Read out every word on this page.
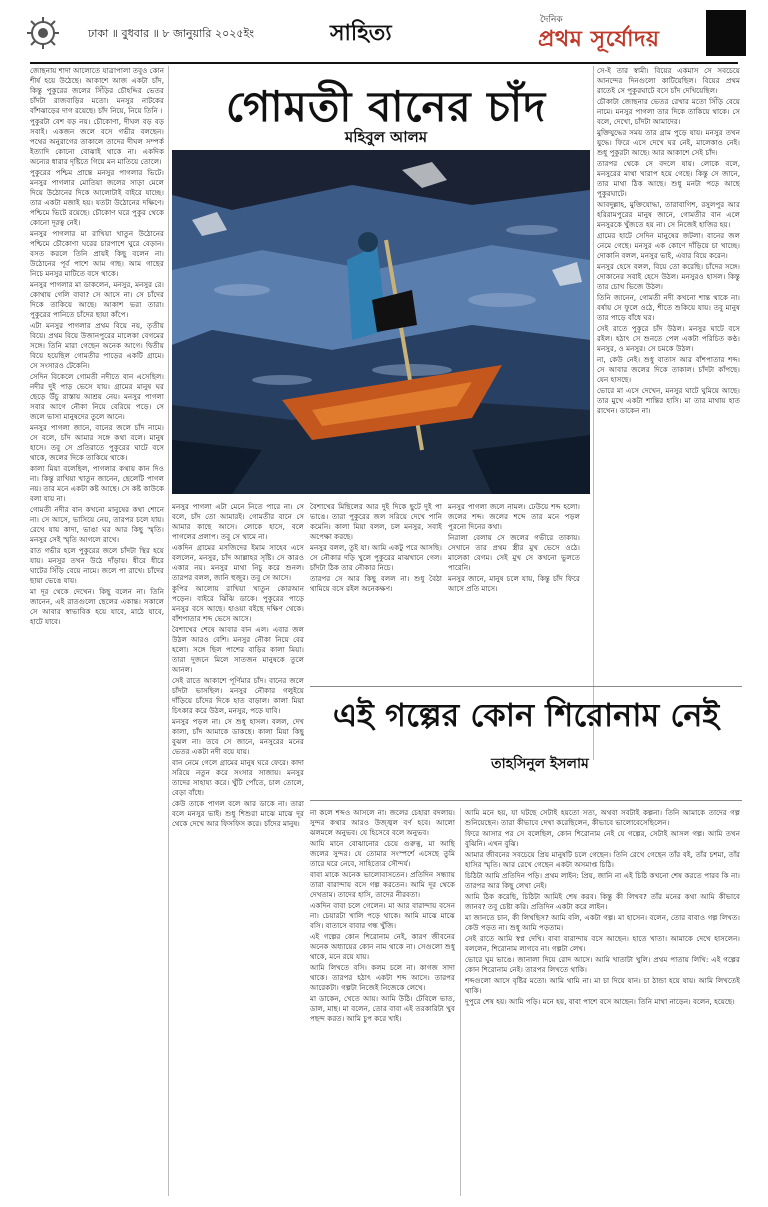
ঢাকা ॥ বুধবার ॥ ৮ জানুয়ারি ২০২৫ইং	সাহিত্য	দৈনিক
প্রথম সূর্যোদয়
গোমতী বানের চাঁদ
মহিবুল আলম

জোছনায় শাদা আলোতে যাত্রাপালা তবুও কোন শীর্ষ হয়ে উঠেছে। আকাশে আজ একটা চাঁদ, কিন্তু পুকুরের জলের সিঁড়ির চৌহদ্দির ভেতর চাঁদটা রাজবাড়ির মতো। মনসুর নাটকের বাঁশঝাড়ের দাগ রয়েছে। চাঁদ নিয়ে, নিয়ে তিনি ।

পুকুরটা বেশ বড় নয়। চৌকোণা, দীঘল বড় বড় সবাই। একজন জলে বসে গভীর বলছেন। পথের অনুরাগের তাকালে তাদের দীঘল সম্পর্ক ইত্যাদি কোনো বোঝাই থাকে না। একদিক অন্যের ধারার দৃষ্টিতে গিয়ে মন মাতিয়ে তোলে।

পুকুরের পশ্চিম প্রান্তে মনসুর পাগলার ভিটে। মনসুর পাগলার মোতিয়া জলের সাড়া মেলে দিয়ে উঠোনের দিকে আলোটাই বাইরে যাচ্ছে। তার একটা মজাই হয়। যতটা উঠোনের দক্ষিণে। পশ্চিমে ভিটে রয়েছে। চৌকোণ ঘরে পুকুর থেকে কোনো দূরত্ব নেই।

মনসুর পাগলার মা রাখিয়া খাতুন উঠোনের পশ্চিমে চৌকোণা ঘরের চারপাশে ঘুরে বেড়ান। বসত করলে তিনি প্রায়ই কিছু বলেন না। উঠোনের পূর্ব পাশে আম গাছ। আম গাছের নিচে মনসুর মাটিতে বসে থাকে।

মনসুর পাগলার মা ডাকলেন, মনসুর, মনসুর রে। কোথায় গেলি বাবা? সে আসে না। সে চাঁদের দিকে তাকিয়ে আছে। আকাশ ভরা তারা। পুকুরের পানিতে চাঁদের ছায়া কাঁপে।

এটা মনসুর পাগলার প্রথম বিয়ে নয়, তৃতীয় বিয়ে। প্রথম বিয়ে উজানপুরের মালেকা বেগমের সঙ্গে। তিনি মারা গেছেন অনেক আগে। দ্বিতীয় বিয়ে হয়েছিল গোমতীর পাড়ের একটি গ্রামে। সে সংসারও টেকেনি।

সেদিন বিকেলে গোমতী নদীতে বান এসেছিল। নদীর দুই পাড় ভেসে যায়। গ্রামের মানুষ ঘর ছেড়ে উঁচু রাস্তায় আশ্রয় নেয়। মনসুর পাগলা সবার আগে নৌকা নিয়ে বেরিয়ে পড়ে। সে জলে ভাসা মানুষদের তুলে আনে।

মনসুর পাগলা জানে, বানের জলে চাঁদ নামে। সে বলে, চাঁদ আমার সঙ্গে কথা বলে। মানুষ হাসে। তবু সে প্রতিরাতে পুকুরের ঘাটে বসে থাকে, জলের দিকে তাকিয়ে থাকে।

কালা মিয়া বলেছিল, পাগলার কথায় কান দিও না। কিন্তু রাখিয়া খাতুন জানেন, ছেলেটি পাগল নয়। তার মনে একটা কষ্ট আছে। সে কষ্ট কাউকে বলা যায় না।

গোমতী নদীর বান কখনো মানুষের কথা শোনে না। সে আসে, ভাসিয়ে নেয়, তারপর চলে যায়। রেখে যায় কাদা, ভাঙা ঘর আর কিছু স্মৃতি। মনসুর সেই স্মৃতি আগলে রাখে।

রাত গভীর হলে পুকুরের জলে চাঁদটা স্থির হয়ে যায়। মনসুর তখন উঠে দাঁড়ায়। ধীরে ধীরে ঘাটের সিঁড়ি বেয়ে নামে। জলে পা রাখে। চাঁদের ছায়া ভেঙে যায়।

মা দূর থেকে দেখেন। কিছু বলেন না। তিনি জানেন, এই রাতগুলো ছেলের একান্ত। সকালে সে আবার স্বাভাবিক হয়ে যাবে, মাঠে যাবে, হাটে যাবে।

মনসুর পাগলা এটা মেনে নিতে পারে না। সে বলে, চাঁদ তো আমারই। গোমতীর বানে সে আমার কাছে আসে। লোকে হাসে, বলে পাগলের প্রলাপ। তবু সে থামে না।

একদিন গ্রামের মসজিদের ইমাম সাহেব এসে বললেন, মনসুর, চাঁদ আল্লাহর সৃষ্টি। সে কারও একার নয়। মনসুর মাথা নিচু করে শুনল। তারপর বলল, জানি হুজুর। তবু সে আসে।

কুপির আলোয় রাখিয়া খাতুন কোরআন পড়েন। বাইরে ঝিঁঝি ডাকে। পুকুরের পাড়ে মনসুর বসে আছে। হাওয়া বইছে দক্ষিণ থেকে। বাঁশপাতার শব্দ ভেসে আসে।

বৈশাখের শেষে আবার বান এল। এবার জল উঠল আরও বেশি। মনসুর নৌকা নিয়ে বের হলো। সঙ্গে ছিল পাশের বাড়ির কালা মিয়া। তারা দুজনে মিলে সাতজন মানুষকে তুলে আনল।

সেই রাতে আকাশে পূর্ণিমার চাঁদ। বানের জলে চাঁদটা ভাসছিল। মনসুর নৌকার গলুইয়ে দাঁড়িয়ে চাঁদের দিকে হাত বাড়াল। কালা মিয়া চিৎকার করে উঠল, মনসুর, পড়ে যাবি।

মনসুর পড়ল না। সে শুধু হাসল। বলল, দেখ কালা, চাঁদ আমাকে ডাকছে। কালা মিয়া কিছু বুঝল না। তবে সে জানে, মনসুরের মনের ভেতর একটা নদী বয়ে যায়।

বান নেমে গেলে গ্রামের মানুষ ঘরে ফেরে। কাদা সরিয়ে নতুন করে সংসার সাজায়। মনসুর তাদের সাহায্য করে। খুঁটি পোঁতে, চাল তোলে, বেড়া বাঁধে।

কেউ তাকে পাগল বলে আর ডাকে না। তারা বলে মনসুর ভাই। শুধু শিশুরা মাঝে মাঝে দূর থেকে দেখে আর ফিসফিস করে। চাঁদের মানুষ।

বৈশাখের মিছিলের আর দুই দিকে ছুটে দুই পা ভাঙে। তারা পুকুরের জল সরিয়ে দেখে পানি কমেনি। কালা মিয়া বলল, চল মনসুর, সবাই অপেক্ষা করছে।

মনসুর বলল, তুই যা। আমি একটু পরে আসছি। সে নৌকার দড়ি খুলে পুকুরের মাঝখানে গেল। চাঁদটা ঠিক তার নৌকার নিচে।

তারপর সে আর কিছু বলল না। শুধু বৈঠা থামিয়ে বসে রইল অনেকক্ষণ।

মনসুর পাগলা জলে নামল। ঢেউয়ে শব্দ হলো। জলের শব্দ। জলের শব্দে তার মনে পড়ল পুরনো দিনের কথা।

নিরালা বেলায় সে জলের গভীরে তাকায়। সেখানে তার প্রথম স্ত্রীর মুখ ভেসে ওঠে। মালেকা বেগম। সেই মুখ সে কখনো ভুলতে পারেনি।

মনসুর জানে, মানুষ চলে যায়, কিন্তু চাঁদ ফিরে আসে প্রতি মাসে।

সে-ই তার স্বামী। বিয়ের একমাস সে সবচেয়ে আনন্দের দিনগুলো কাটিয়েছিল। বিয়ের প্রথম রাতেই সে পুকুরঘাটে বসে চাঁদ দেখিয়েছিল।

চৌকাটা জোছনার ভেতর রেখার মতো সিঁড়ি বেয়ে নামে। মনসুর পাগলা তার দিকে তাকিয়ে থাকে। সে বলে, দেখো, চাঁদটা আমাদের।

মুক্তিযুদ্ধের সময় তার গ্রাম পুড়ে যায়। মনসুর তখন যুদ্ধে। ফিরে এসে দেখে ঘর নেই, মালেকাও নেই। শুধু পুকুরটা আছে। আর আকাশে সেই চাঁদ।

তারপর থেকে সে বদলে যায়। লোকে বলে, মনসুরের মাথা খারাপ হয়ে গেছে। কিন্তু সে জানে, তার মাথা ঠিক আছে। শুধু মনটা পড়ে আছে পুকুরঘাটে।

আবদুল্লাহ, মুক্তিযোদ্ধা, তারাবাগিশ, রসুলপুর আর হরিরামপুরের মানুষ জানে, গোমতীর বান এলে মনসুরকে খুঁজতে হয় না। সে নিজেই হাজির হয়।

গ্রামের হাটে সেদিন মানুষের জটলা। বানের জল নেমে গেছে। মনসুর এক কোণে দাঁড়িয়ে চা খাচ্ছে। দোকানি বলল, মনসুর ভাই, এবার বিয়ে করেন।

মনসুর হেসে বলল, বিয়ে তো করেছি। চাঁদের সঙ্গে। দোকানের সবাই হেসে উঠল। মনসুরও হাসল। কিন্তু তার চোখ ভিজে উঠল।

তিনি জানেন, গোমতী নদী কখনো শান্ত থাকে না। বর্ষায় সে ফুলে ওঠে, শীতে শুকিয়ে যায়। তবু মানুষ তার পাড়ে বাঁধে ঘর।

সেই রাতে পুকুরে চাঁদ উঠল। মনসুর ঘাটে বসে রইল। হঠাৎ সে শুনতে পেল একটা পরিচিত কণ্ঠ। মনসুর, ও মনসুর। সে চমকে উঠল।

না, কেউ নেই। শুধু বাতাস আর বাঁশপাতার শব্দ। সে আবার জলের দিকে তাকাল। চাঁদটা কাঁপছে। যেন হাসছে।

ভোরে মা এসে দেখেন, মনসুর ঘাটে ঘুমিয়ে আছে। তার মুখে একটা শান্তির হাসি। মা তার মাথায় হাত রাখেন। ডাকেন না।

এই গল্পের কোন শিরোনাম নেই
তাহসিনুল ইসলাম

না কলে শব্দও আসলে না। জলের চেহারা বদলায়। সুন্দর কথার আরও উজ্জ্বল বর্ণ হবে। আলো ঝলমলে অনুভব। যে হিসেবে বলে অনুভব।

আমি মানে বোঝানোর চেয়ে গুরুত্ব, মা আছি জলের সুন্দর। যে তোমার সংস্পর্শে এসেছে তুমি তারে ঘরে নেবে, সাহিত্যের সৌন্দর্য।

বাবা মাকে অনেক ভালোবাসতেন। প্রতিদিন সন্ধ্যায় তারা বারান্দায় বসে গল্প করতেন। আমি দূর থেকে দেখতাম। তাদের হাসি, তাদের নীরবতা।

একদিন বাবা চলে গেলেন। মা আর বারান্দায় বসেন না। চেয়ারটা খালি পড়ে থাকে। আমি মাঝে মাঝে বসি। বাতাসে বাবার গন্ধ খুঁজি।

এই গল্পের কোন শিরোনাম নেই, কারণ জীবনের অনেক অধ্যায়ের কোন নাম থাকে না। সেগুলো শুধু থাকে, মনে রয়ে যায়।

আমি লিখতে বসি। কলম চলে না। কাগজ সাদা থাকে। তারপর হঠাৎ একটা শব্দ আসে। তারপর আরেকটা। গল্পটা নিজেই নিজেকে লেখে।

মা ডাকেন, খেতে আয়। আমি উঠি। টেবিলে ভাত, ডাল, মাছ। মা বলেন, তোর বাবা এই তরকারিটা খুব পছন্দ করত। আমি চুপ করে খাই।

আমি মনে হয়, যা ঘটছে সেটাই হয়তো সত্য, অথবা সবটাই কল্পনা। তিনি আমাকে তাদের গল্প শুনিয়েছেন। তারা কীভাবে দেখা করেছিলেন, কীভাবে ভালোবেসেছিলেন।

ফিরে আসার পর সে বলেছিল, কোন শিরোনাম নেই যে গল্পের, সেটাই আসল গল্প। আমি তখন বুঝিনি। এখন বুঝি।

আমার জীবনের সবচেয়ে প্রিয় মানুষটি চলে গেছেন। তিনি রেখে গেছেন তাঁর বই, তাঁর চশমা, তাঁর হাসির স্মৃতি। আর রেখে গেছেন একটা অসমাপ্ত চিঠি।

চিঠিটা আমি প্রতিদিন পড়ি। প্রথম লাইন: প্রিয়, জানি না এই চিঠি কখনো শেষ করতে পারব কি না। তারপর আর কিছু লেখা নেই।

আমি ঠিক করেছি, চিঠিটা আমিই শেষ করব। কিন্তু কী লিখব? তাঁর মনের কথা আমি কীভাবে জানব? তবু চেষ্টা করি। প্রতিদিন একটা করে লাইন।

মা জানতে চান, কী লিখছিস? আমি বলি, একটা গল্প। মা হাসেন। বলেন, তোর বাবাও গল্প লিখত। কেউ পড়ত না। শুধু আমি পড়তাম।

সেই রাতে আমি স্বপ্ন দেখি। বাবা বারান্দায় বসে আছেন। হাতে খাতা। আমাকে দেখে হাসলেন। বললেন, শিরোনাম লাগবে না। গল্পটা লেখ।

ভোরে ঘুম ভাঙে। জানালা দিয়ে রোদ আসে। আমি খাতাটা খুলি। প্রথম পাতায় লিখি: এই গল্পের কোন শিরোনাম নেই। তারপর লিখতে থাকি।

শব্দগুলো আসে বৃষ্টির মতো। আমি থামি না। মা চা দিয়ে যান। চা ঠান্ডা হয়ে যায়। আমি লিখতেই থাকি।

দুপুরে শেষ হয়। আমি পড়ি। মনে হয়, বাবা পাশে বসে আছেন। তিনি মাথা নাড়েন। বলেন, হয়েছে।
